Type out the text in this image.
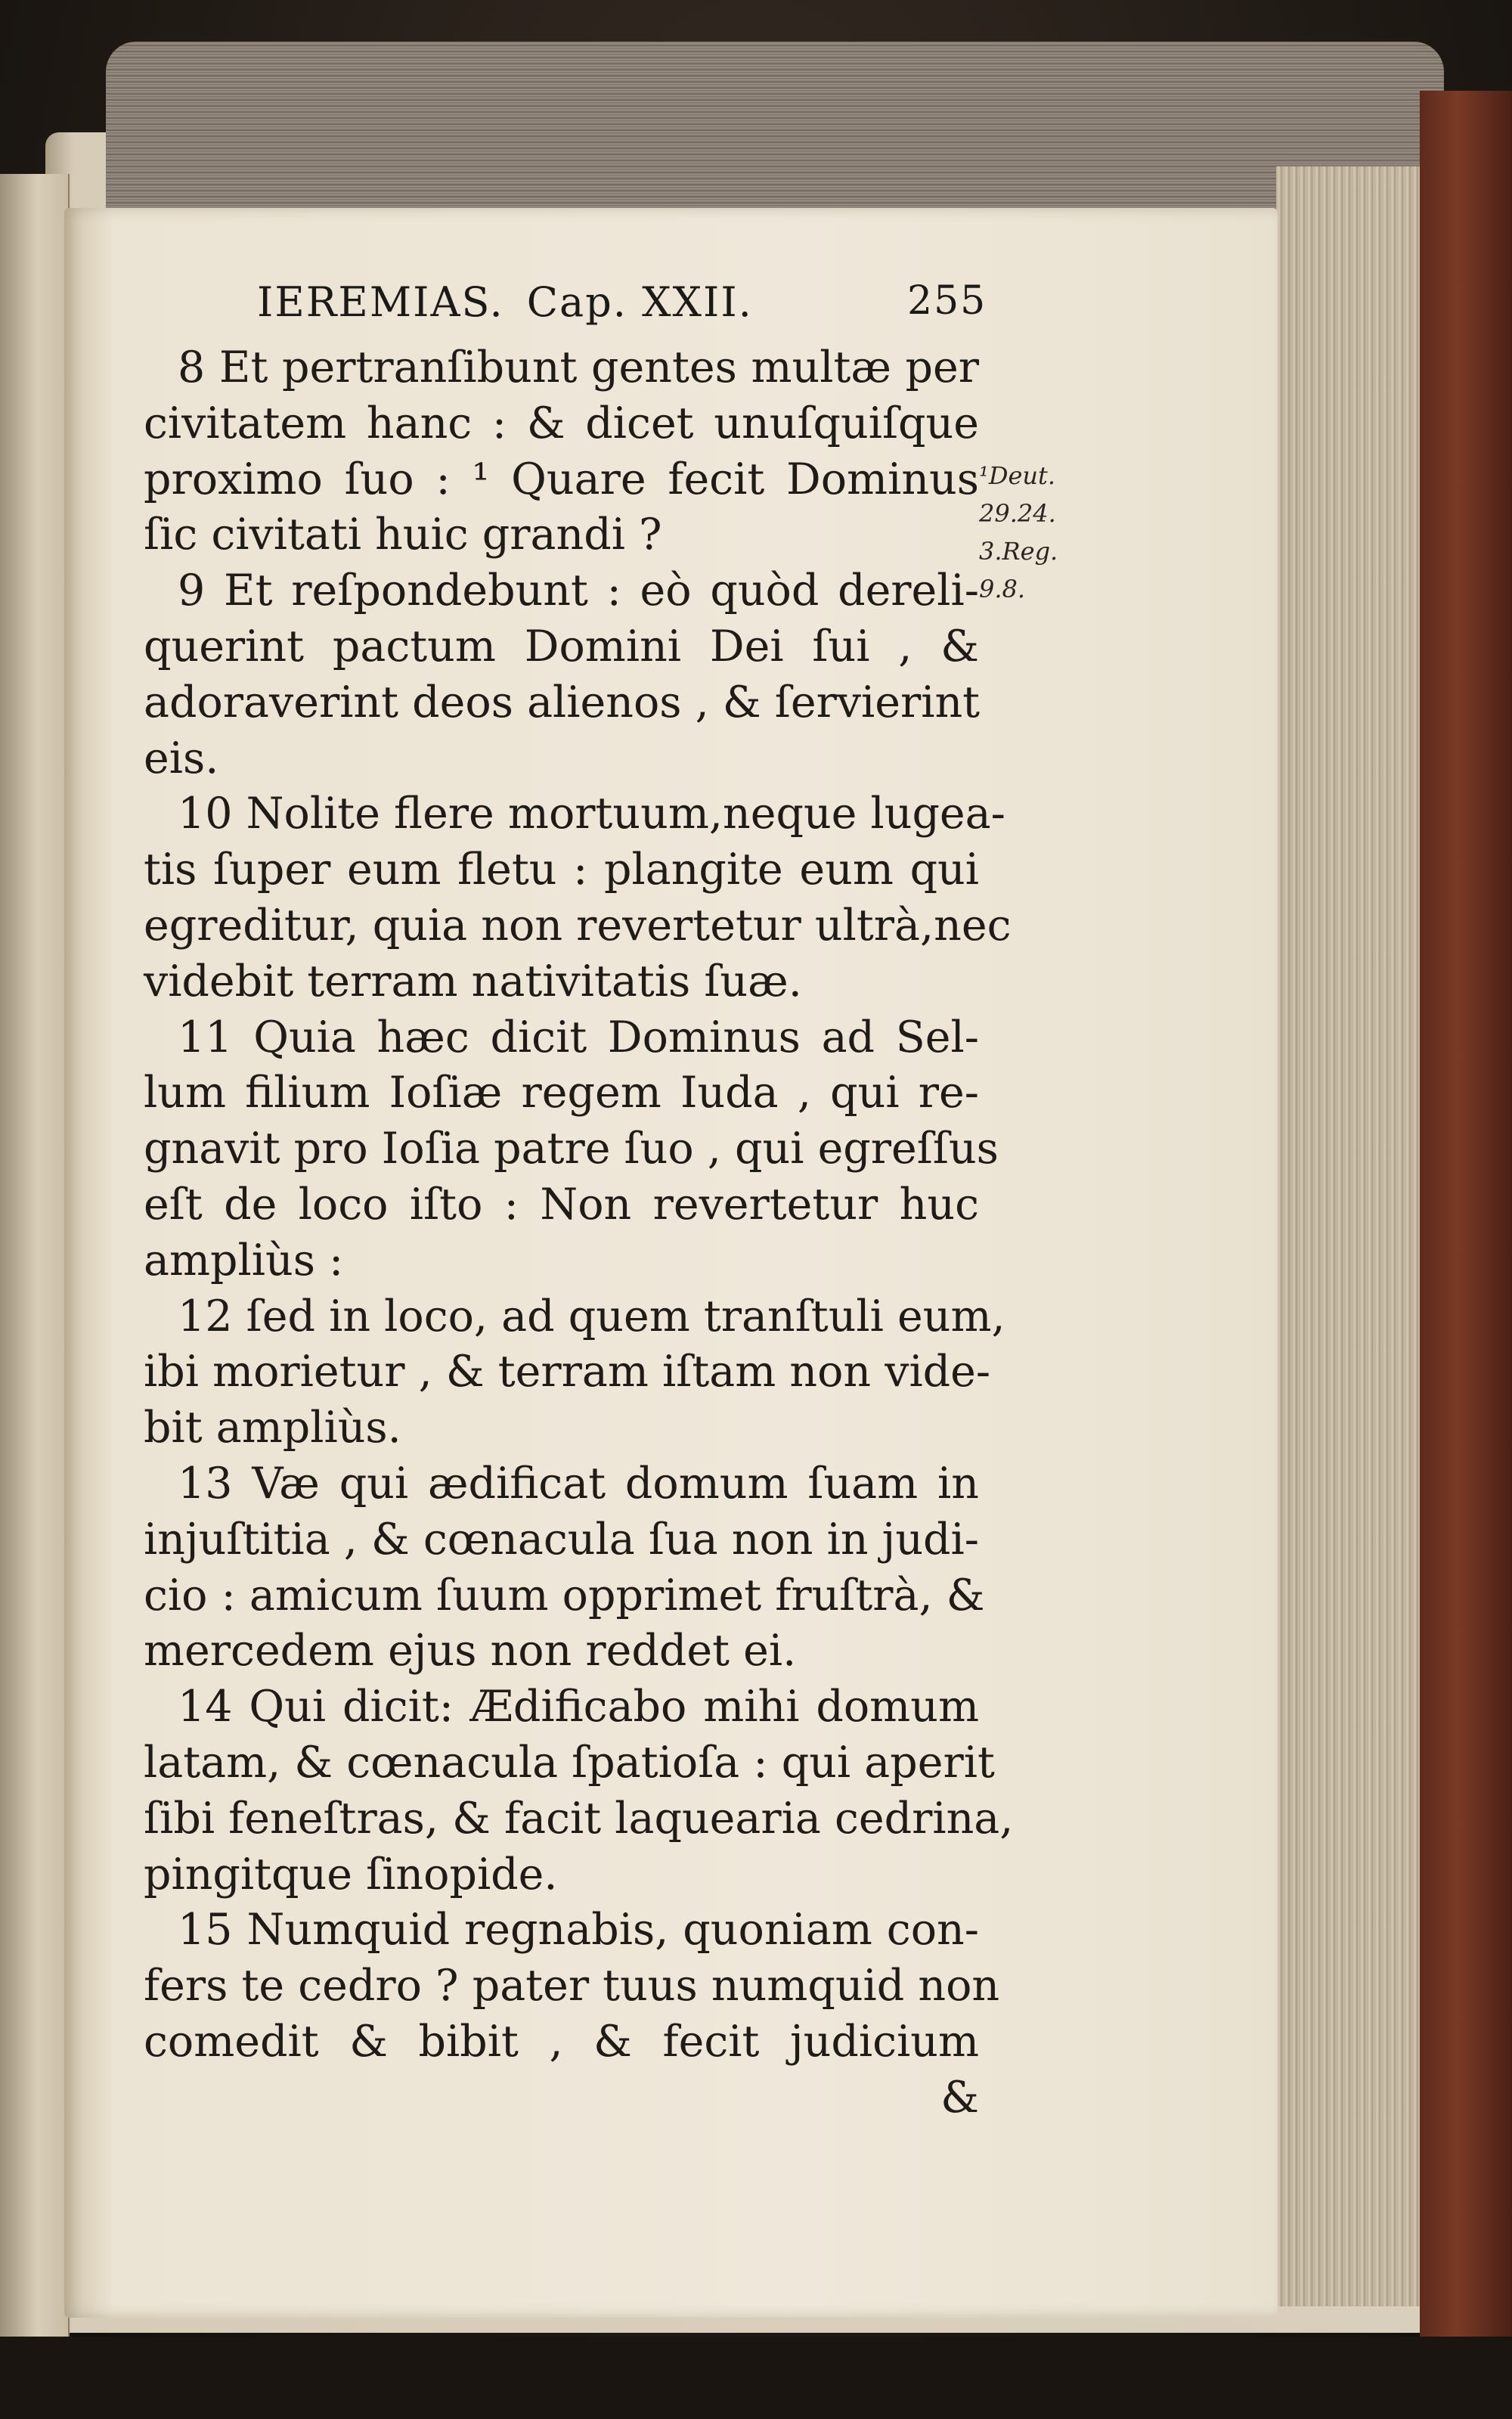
IEREMIAS. Cap. XXII.	255
8 Et pertranſibunt gentes multæ per
civitatem hanc : & dicet unuſquiſque
proximo ſuo : ¹ Quare fecit Dominus
ſic civitati huic grandi ?
9 Et reſpondebunt : eò quòd dereli-
querint pactum Domini Dei ſui , &
adoraverint deos alienos , & ſervierint
eis.
10 Nolite flere mortuum,neque lugea-
tis ſuper eum fletu : plangite eum qui
egreditur, quia non revertetur ultrà,nec
videbit terram nativitatis ſuæ.
11 Quia hæc dicit Dominus ad Sel-
lum filium Ioſiæ regem Iuda , qui re-
gnavit pro Ioſia patre ſuo , qui egreſſus
eſt de loco iſto : Non revertetur huc
ampliùs :
12 ſed in loco, ad quem tranſtuli eum,
ibi morietur , & terram iſtam non vide-
bit ampliùs.
13 Væ qui ædificat domum ſuam in
injuſtitia , & cœnacula ſua non in judi-
cio : amicum ſuum opprimet fruſtrà, &
mercedem ejus non reddet ei.
14 Qui dicit: Ædificabo mihi domum
latam, & cœnacula ſpatioſa : qui aperit
ſibi feneſtras, & facit laquearia cedrina,
pingitque ſinopide.
15 Numquid regnabis, quoniam con-
fers te cedro ? pater tuus numquid non
comedit & bibit , & fecit judicium
&
¹Deut.
29.24.
3.Reg.
9.8.
